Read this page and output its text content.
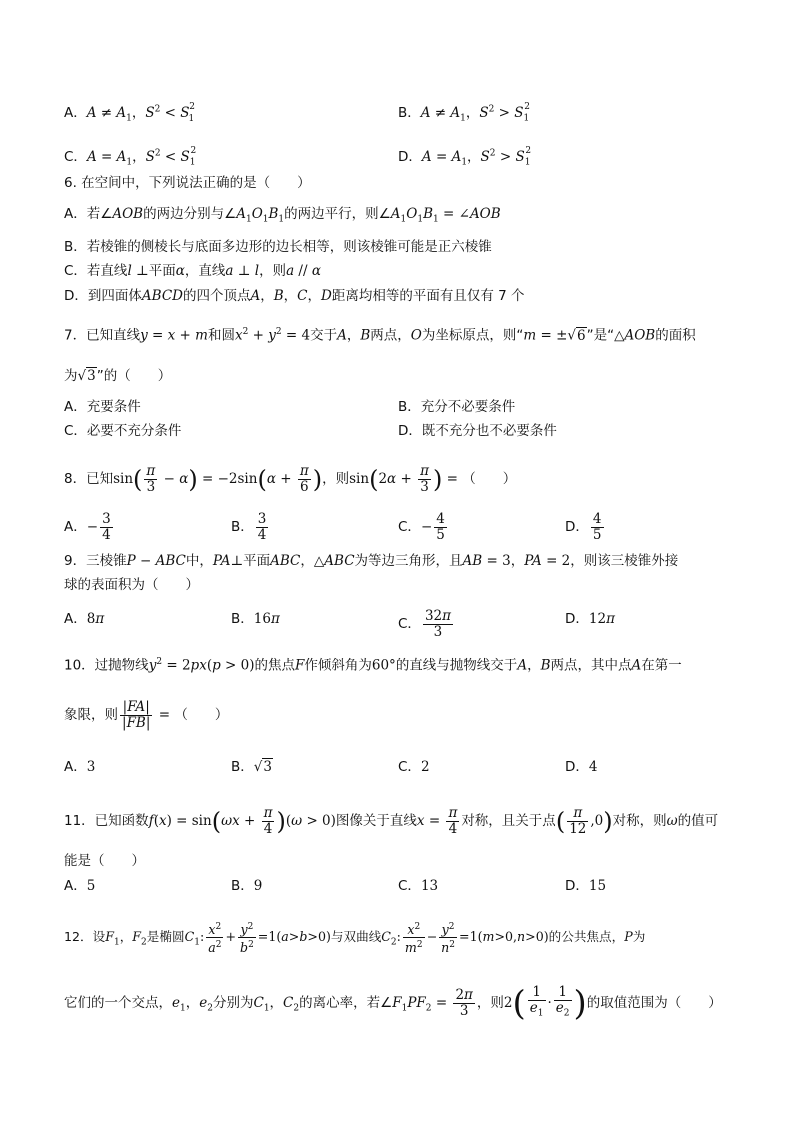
A．$A \ne A_1$，$S^2 < S_1^2$	B．$A \ne A_1$，$S^2 > S_1^2$
C．$A = A_1$，$S^2 < S_1^2$	D．$A = A_1$，$S^2 > S_1^2$
6. 在空间中，下列说法正确的是（　　）
A．若∠AOB的两边分别与$\angle A_1O_1B_1$的两边平行，则$\angle A_1O_1B_1$ = ∠AOB
B．若棱锥的侧棱长与底面多边形的边长相等，则该棱锥可能是正六棱锥
C．若直线l ⊥平面α，直线a ⊥ l，则a // α
D．到四面体ABCD的四个顶点A，B，C，D距离均相等的平面有且仅有 7 个
7．已知直线y = x + m和圆$x^2 + y^2 = 4$交于A，B两点，O为坐标原点，则“m = ±√6”是“△AOB的面积
为√3”的（　　）
A．充要条件	B．充分不必要条件
C．必要不充分条件	D．既不充分也不必要条件
8．已知$\sin( \frac{\pi}{3} - \alpha) = -2\sin(\alpha + \frac{\pi}{6}$ )，则$\sin(2\alpha + \frac{\pi}{3}$ ) = （　　）
A．− $\frac{3}{4}$	B． $\frac{3}{4}$	C．− $\frac{4}{5}$	D． $\frac{4}{5}$
9．三棱锥P − ABC中，PA⊥平面ABC，△ABC为等边三角形，且AB = 3，PA = 2，则该三棱锥外接
球的表面积为（　　）
A．8π	B．16π	C． $\frac{32\pi}{3}$	D．12π
10．过抛物线$y^2 = 2px(p > 0)$的焦点F作倾斜角为60°的直线与抛物线交于A，B两点，其中点A在第一
象限，则 $\frac{|FA|}{|FB|}$ = （　　）
A．3	B．√3	C．2	D．4
11．已知函数$f(x) = \sin(\omega x + \frac{\pi}{4} )(\omega > 0)$图像关于直线$x = \frac{\pi}{4}$ 对称，且关于点( $\frac{\pi}{12} ,0$)对称，则ω的值可
能是（　　）
A．5	B．9	C．13	D．15
12．设$F_1$，$F_2$是椭圆$C_1$: $\frac{x^2}{a^2} + \frac{y^2}{b^2} =1(a>b>0)$与双曲线$C_2$: $\frac{x^2}{m^2} - \frac{y^2}{n^2} =1(m>0,n>0)$的公共焦点，P为
它们的一个交点，$e_1$，$e_2$分别为$C_1$，$C_2$的离心率，若$\angle F_1PF_2 = \frac{2\pi}{3}$ ，则$2( \frac{1}{e_1} \cdot \frac{1}{e_2}$ )的取值范围为（　　）
